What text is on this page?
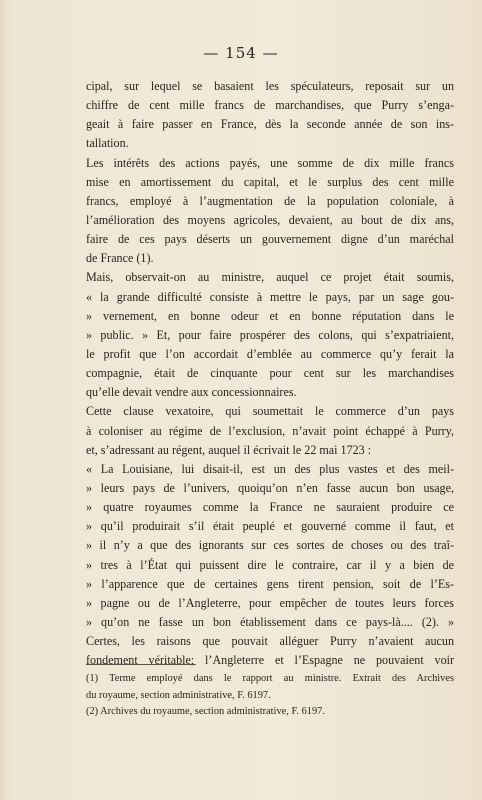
— 154 —
cipal, sur lequel se basaient les spéculateurs, reposait sur un
chiffre de cent mille francs de marchandises, que Purry s’enga-
geait à faire passer en France, dès la seconde année de son ins-
tallation.
Les intérêts des actions payés, une somme de dix mille francs
mise en amortissement du capital, et le surplus des cent mille
francs, employé à l’augmentation de la population coloniale, à
l’amélioration des moyens agricoles, devaient, au bout de dix ans,
faire de ces pays déserts un gouvernement digne d’un maréchal
de France (1).
Mais, observait-on au ministre, auquel ce projet était soumis,
« la grande difficulté consiste à mettre le pays, par un sage gou-
» vernement, en bonne odeur et en bonne réputation dans le
» public. » Et, pour faire prospérer des colons, qui s’expatriaient,
le profit que l’on accordait d’emblée au commerce qu’y ferait la
compagnie, était de cinquante pour cent sur les marchandises
qu’elle devait vendre aux concessionnaires.
Cette clause vexatoire, qui soumettait le commerce d’un pays
à coloniser au régime de l’exclusion, n’avait point échappé à Purry,
et, s’adressant au régent, auquel il écrivait le 22 mai 1723 :
« La Louisiane, lui disait-il, est un des plus vastes et des meil-
» leurs pays de l’univers, quoiqu’on n’en fasse aucun bon usage,
» quatre royaumes comme la France ne sauraient produire ce
» qu’il produirait s’il était peuplé et gouverné comme il faut, et
» il n’y a que des ignorants sur ces sortes de choses ou des traî-
» tres à l’État qui puissent dire le contraire, car il y a bien de
» l’apparence que de certaines gens tirent pension, soit de l’Es-
» pagne ou de l’Angleterre, pour empêcher de toutes leurs forces
» qu’on ne fasse un bon établissement dans ce pays-là.... (2). »
Certes, les raisons que pouvait alléguer Purry n’avaient aucun
fondement véritable; l’Angleterre et l’Espagne ne pouvaient voir
(1) Terme employé dans le rapport au ministre. Extrait des Archives
du royaume, section administrative, F. 6197.
(2) Archives du royaume, section administrative, F. 6197.
